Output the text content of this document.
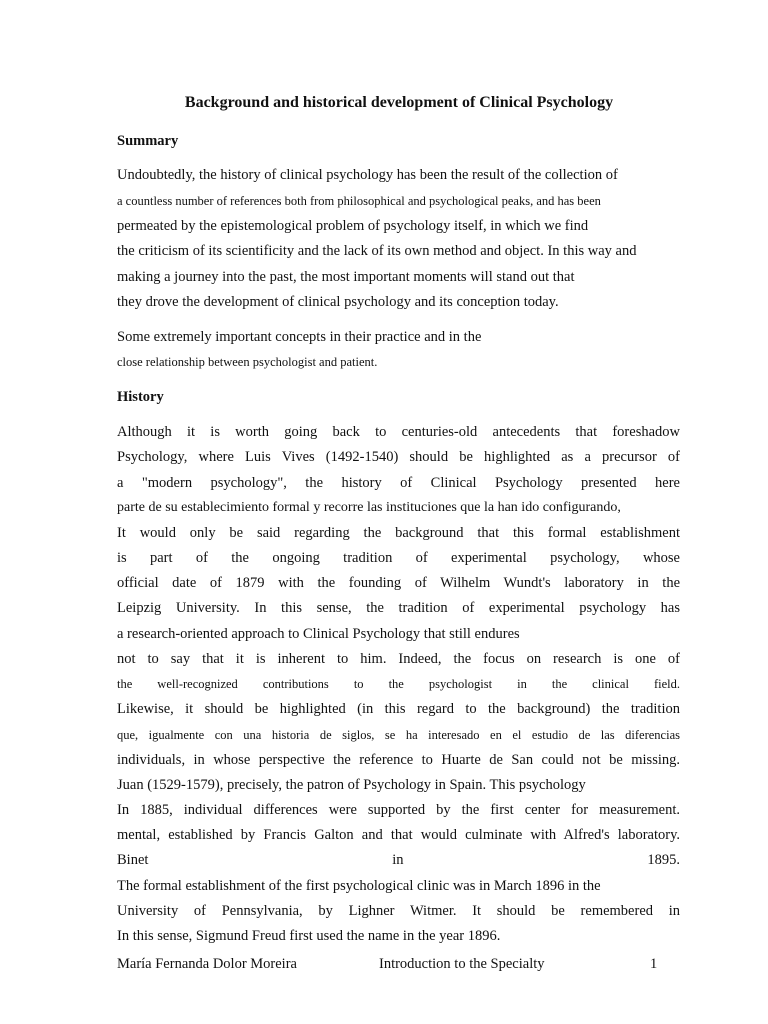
Background and historical development of Clinical Psychology
Summary
Undoubtedly, the history of clinical psychology has been the result of the collection of
a countless number of references both from philosophical and psychological peaks, and has been
permeated by the epistemological problem of psychology itself, in which we find
the criticism of its scientificity and the lack of its own method and object. In this way and
making a journey into the past, the most important moments will stand out that
they drove the development of clinical psychology and its conception today.
Some extremely important concepts in their practice and in the
close relationship between psychologist and patient.
History
Although it is worth going back to centuries-old antecedents that foreshadow
Psychology, where Luis Vives (1492-1540) should be highlighted as a precursor of
a "modern psychology", the history of Clinical Psychology presented here
parte de su establecimiento formal y recorre las instituciones que la han ido configurando,
It would only be said regarding the background that this formal establishment
is part of the ongoing tradition of experimental psychology, whose
official date of 1879 with the founding of Wilhelm Wundt's laboratory in the
Leipzig University. In this sense, the tradition of experimental psychology has
a research-oriented approach to Clinical Psychology that still endures
not to say that it is inherent to him. Indeed, the focus on research is one of
the well-recognized contributions to the psychologist in the clinical field.
Likewise, it should be highlighted (in this regard to the background) the tradition
que, igualmente con una historia de siglos, se ha interesado en el estudio de las diferencias
individuals, in whose perspective the reference to Huarte de San could not be missing.
Juan (1529-1579), precisely, the patron of Psychology in Spain. This psychology
In 1885, individual differences were supported by the first center for measurement.
mental, established by Francis Galton and that would culminate with Alfred's laboratory.
Binet in 1895.
The formal establishment of the first psychological clinic was in March 1896 in the
University of Pennsylvania, by Lighner Witmer. It should be remembered in
In this sense, Sigmund Freud first used the name in the year 1896.
María Fernanda Dolor Moreira	Introduction to the Specialty	1
